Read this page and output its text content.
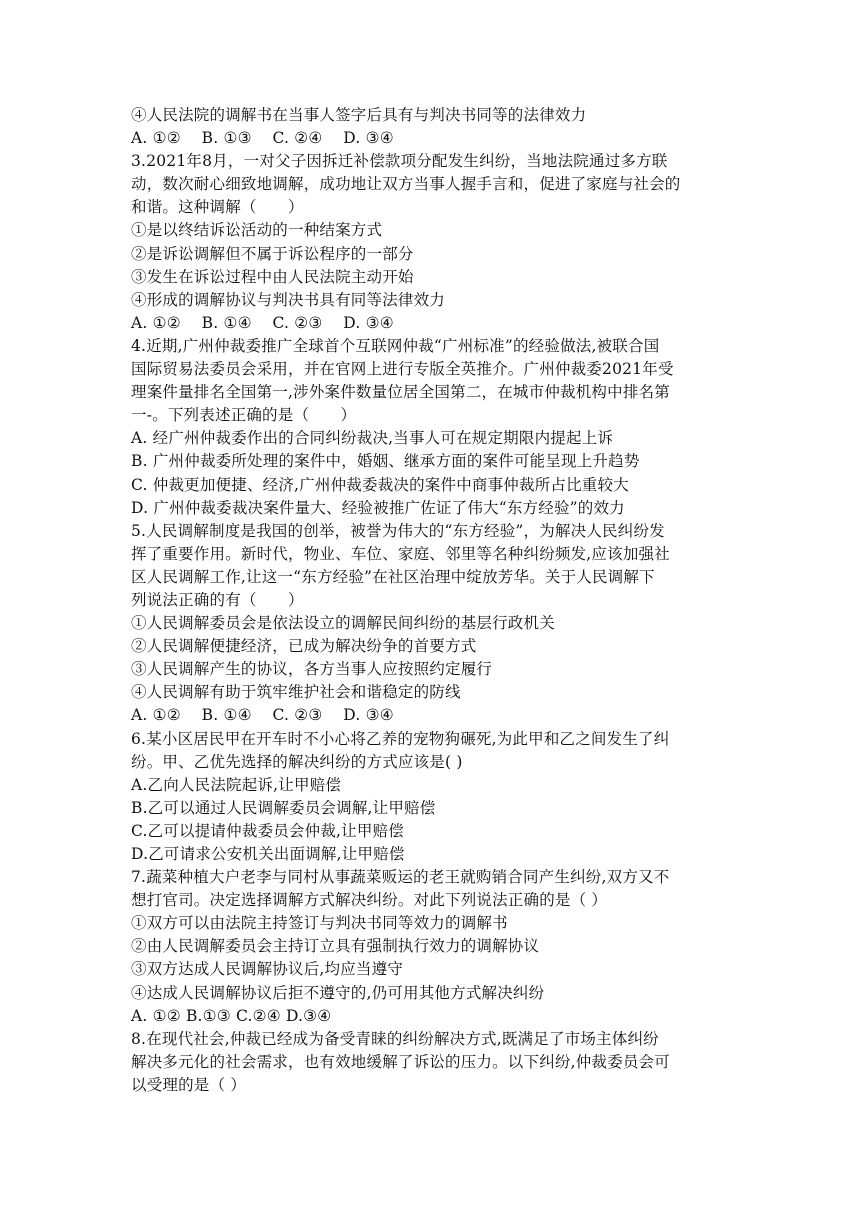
④人民法院的调解书在当事人签字后具有与判决书同等的法律效力
A. ①②　 B. ①③　 C. ②④　 D. ③④
3.2021年8月，一对父子因拆迁补偿款项分配发生纠纷，当地法院通过多方联
动，数次耐心细致地调解，成功地让双方当事人握手言和，促进了家庭与社会的
和谐。这种调解（　　）
①是以终结诉讼活动的一种结案方式
②是诉讼调解但不属于诉讼程序的一部分
③发生在诉讼过程中由人民法院主动开始
④形成的调解协议与判决书具有同等法律效力
A. ①②　 B. ①④　 C. ②③　 D. ③④
4.近期,广州仲裁委推广全球首个互联网仲裁“广州标准”的经验做法,被联合国
国际贸易法委员会采用，并在官网上进行专版全英推介。广州仲裁委2021年受
理案件量排名全国第一,涉外案件数量位居全国第二，在城市仲裁机构中排名第
一-。下列表述正确的是（　　）
A. 经广州仲裁委作出的合同纠纷裁决,当事人可在规定期限内提起上诉
B. 广州仲裁委所处理的案件中，婚姻、继承方面的案件可能呈现上升趋势
C. 仲裁更加便捷、经济,广州仲裁委裁决的案件中商事仲裁所占比重较大
D. 广州仲裁委裁决案件量大、经验被推广佐证了伟大“东方经验”的效力
5.人民调解制度是我国的创举，被誉为伟大的“东方经验”，为解决人民纠纷发
挥了重要作用。新时代，物业、车位、家庭、邻里等名种纠纷频发,应该加强社
区人民调解工作,让这一“东方经验”在社区治理中绽放芳华。关于人民调解下
列说法正确的有（　　）
①人民调解委员会是依法设立的调解民间纠纷的基层行政机关
②人民调解便捷经济，已成为解决纷争的首要方式
③人民调解产生的协议，各方当事人应按照约定履行
④人民调解有助于筑牢维护社会和谐稳定的防线
A. ①②　 B. ①④　 C. ②③　 D. ③④
6.某小区居民甲在开车时不小心将乙养的宠物狗碾死,为此甲和乙之间发生了纠
纷。甲、乙优先选择的解决纠纷的方式应该是( )
A.乙向人民法院起诉,让甲赔偿
B.乙可以通过人民调解委员会调解,让甲赔偿
C.乙可以提请仲裁委员会仲裁,让甲赔偿
D.乙可请求公安机关出面调解,让甲赔偿
7.蔬菜种植大户老李与同村从事蔬菜贩运的老王就购销合同产生纠纷,双方又不
想打官司。决定选择调解方式解决纠纷。对此下列说法正确的是（ ）
①双方可以由法院主持签订与判决书同等效力的调解书
②由人民调解委员会主持订立具有强制执行效力的调解协议
③双方达成人民调解协议后,均应当遵守
④达成人民调解协议后拒不遵守的,仍可用其他方式解决纠纷
A. ①② B.①③ C.②④ D.③④
8.在现代社会,仲裁已经成为备受青睐的纠纷解决方式,既满足了市场主体纠纷
解决多元化的社会需求，也有效地缓解了诉讼的压力。以下纠纷,仲裁委员会可
以受理的是（ ）
